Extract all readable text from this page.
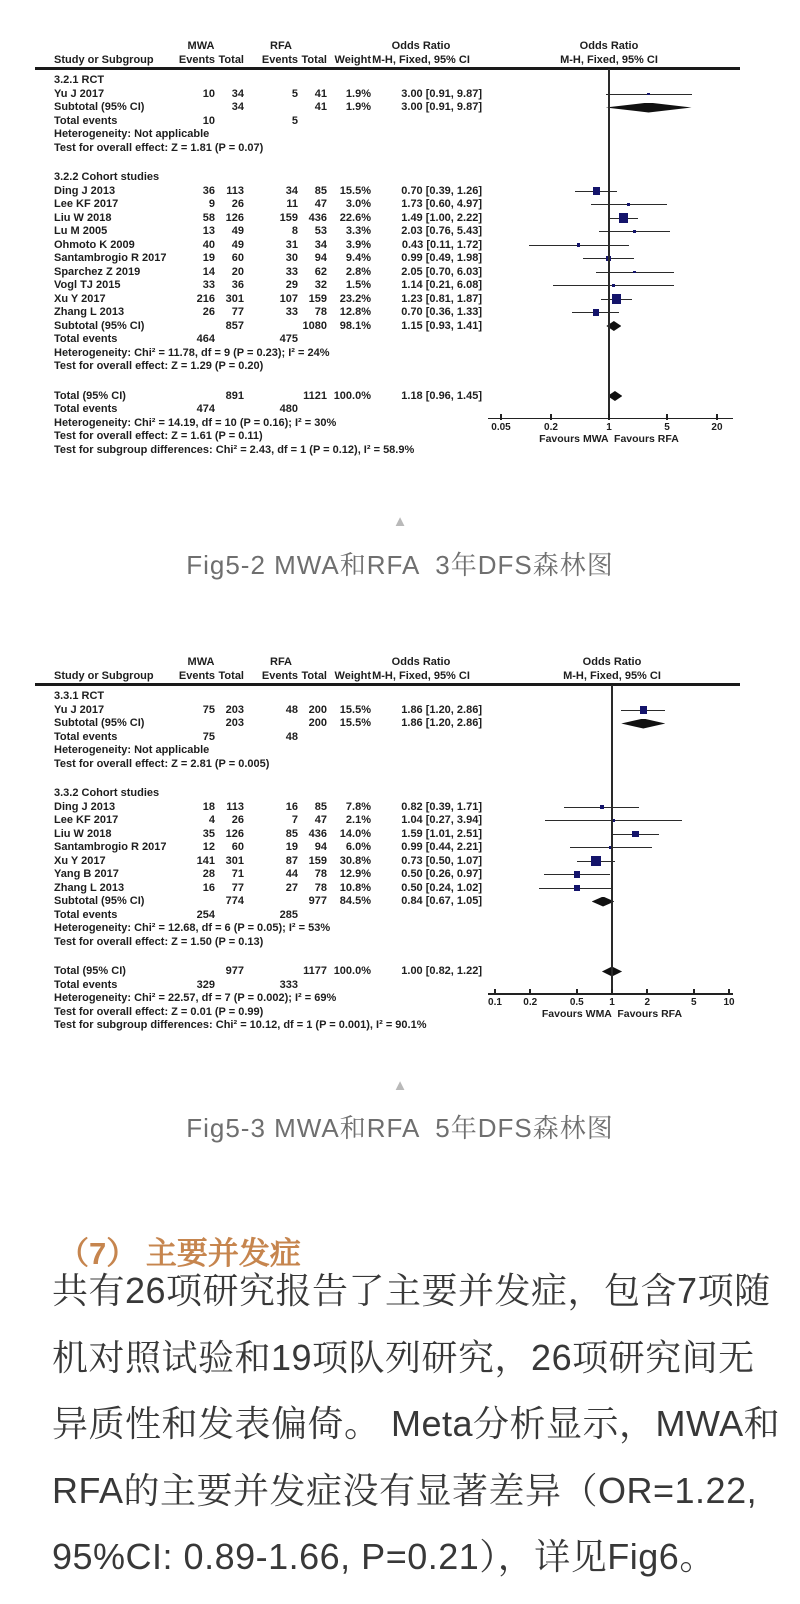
MWA	RFA	Odds Ratio	Odds Ratio
Study or Subgroup Events Total Events Total Weight M-H, Fixed, 95% CI	M-H, Fixed, 95% CI
3.2.1 RCT
Yu J 2017	10 34	5 41 1.9%	3.00 [0.91, 9.87]
Subtotal (95% CI)	34	41 1.9%	3.00 [0.91, 9.87]
Total events	10	5
Heterogeneity: Not applicable
Test for overall effect: Z = 1.81 (P = 0.07)
3.2.2 Cohort studies
Ding J 2013	36 113	34 85 15.5%	0.70 [0.39, 1.26]
Lee KF 2017	9 26	11 47 3.0%	1.73 [0.60, 4.97]
Liu W 2018	58 126	159 436 22.6%	1.49 [1.00, 2.22]
Lu M 2005	13 49	8 53 3.3%	2.03 [0.76, 5.43]
Ohmoto K 2009	40 49	31 34 3.9%	0.43 [0.11, 1.72]
Santambrogio R 2017	19 60	30 94 9.4%	0.99 [0.49, 1.98]
Sparchez Z 2019	14 20	33 62 2.8%	2.05 [0.70, 6.03]
Vogl TJ 2015	33 36	29 32 1.5%	1.14 [0.21, 6.08]
Xu Y 2017	216 301	107 159 23.2%	1.23 [0.81, 1.87]
Zhang L 2013	26 77	33 78 12.8%	0.70 [0.36, 1.33]
Subtotal (95% CI)	857	1080 98.1%	1.15 [0.93, 1.41]
Total events	464	475
Heterogeneity: Chi² = 11.78, df = 9 (P = 0.23); I² = 24%
Test for overall effect: Z = 1.29 (P = 0.20)
Total (95% CI)	891	1121 100.0%	1.18 [0.96, 1.45]
Total events	474	480
Heterogeneity: Chi² = 14.19, df = 10 (P = 0.16); I² = 30%
Test for overall effect: Z = 1.61 (P = 0.11)
Test for subgroup differences: Chi² = 2.43, df = 1 (P = 0.12), I² = 58.9%
0.05	0.2	1	5	20
Favours MWA  Favours RFA
▲
Fig5-2 MWA和RFA  3年DFS森林图
MWA	RFA	Odds Ratio	Odds Ratio
Study or Subgroup Events Total Events Total Weight M-H, Fixed, 95% CI	M-H, Fixed, 95% CI
3.3.1 RCT
Yu J 2017	75 203	48 200 15.5%	1.86 [1.20, 2.86]
Subtotal (95% CI)	203	200 15.5%	1.86 [1.20, 2.86]
Total events	75	48
Heterogeneity: Not applicable
Test for overall effect: Z = 2.81 (P = 0.005)
3.3.2 Cohort studies
Ding J 2013	18 113	16 85 7.8%	0.82 [0.39, 1.71]
Lee KF 2017	4 26	7 47 2.1%	1.04 [0.27, 3.94]
Liu W 2018	35 126	85 436 14.0%	1.59 [1.01, 2.51]
Santambrogio R 2017	12 60	19 94 6.0%	0.99 [0.44, 2.21]
Xu Y 2017	141 301	87 159 30.8%	0.73 [0.50, 1.07]
Yang B 2017	28 71	44 78 12.9%	0.50 [0.26, 0.97]
Zhang L 2013	16 77	27 78 10.8%	0.50 [0.24, 1.02]
Subtotal (95% CI)	774	977 84.5%	0.84 [0.67, 1.05]
Total events	254	285
Heterogeneity: Chi² = 12.68, df = 6 (P = 0.05); I² = 53%
Test for overall effect: Z = 1.50 (P = 0.13)
Total (95% CI)	977	1177 100.0%	1.00 [0.82, 1.22]
Total events	329	333
Heterogeneity: Chi² = 22.57, df = 7 (P = 0.002); I² = 69%
Test for overall effect: Z = 0.01 (P = 0.99)
Test for subgroup differences: Chi² = 10.12, df = 1 (P = 0.001), I² = 90.1%
0.1 0.2	0.5	1	2	5	10
Favours WMA  Favours RFA
▲
Fig5-3 MWA和RFA  5年DFS森林图
（7） 主要并发症
共有26项研究报告了主要并发症，包含7项随
机对照试验和19项队列研究，26项研究间无
异质性和发表偏倚。 Meta分析显示，MWA和
RFA的主要并发症没有显著差异（OR=1.22,
95%CI: 0.89-1.66, P=0.21），详见Fig6。
